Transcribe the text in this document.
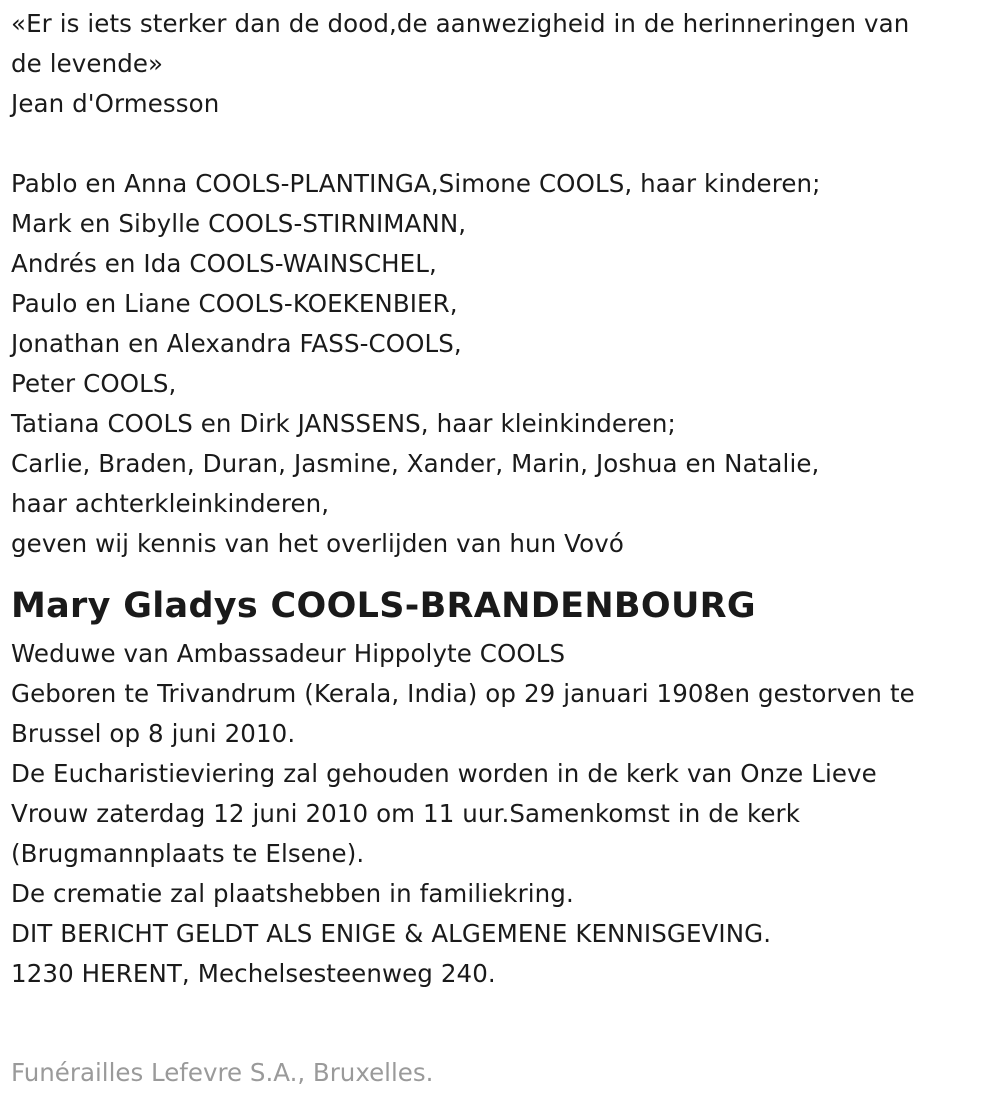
«Er is iets sterker dan de dood,de aanwezigheid in de herinneringen van
de levende»
Jean d'Ormesson
Pablo en Anna COOLS-PLANTINGA,Simone COOLS, haar kinderen;
Mark en Sibylle COOLS-STIRNIMANN,
Andrés en Ida COOLS-WAINSCHEL,
Paulo en Liane COOLS-KOEKENBIER,
Jonathan en Alexandra FASS-COOLS,
Peter COOLS,
Tatiana COOLS en Dirk JANSSENS, haar kleinkinderen;
Carlie, Braden, Duran, Jasmine, Xander, Marin, Joshua en Natalie,
haar achterkleinkinderen,
geven wij kennis van het overlijden van hun Vovó
Mary Gladys COOLS-BRANDENBOURG
Weduwe van Ambassadeur Hippolyte COOLS
Geboren te Trivandrum (Kerala, India) op 29 januari 1908en gestorven te
Brussel op 8 juni 2010.
De Eucharistieviering zal gehouden worden in de kerk van Onze Lieve
Vrouw zaterdag 12 juni 2010 om 11 uur.Samenkomst in de kerk
(Brugmannplaats te Elsene).
De crematie zal plaatshebben in familiekring.
DIT BERICHT GELDT ALS ENIGE & ALGEMENE KENNISGEVING.
1230 HERENT, Mechelsesteenweg 240.
Funérailles Lefevre S.A., Bruxelles.
